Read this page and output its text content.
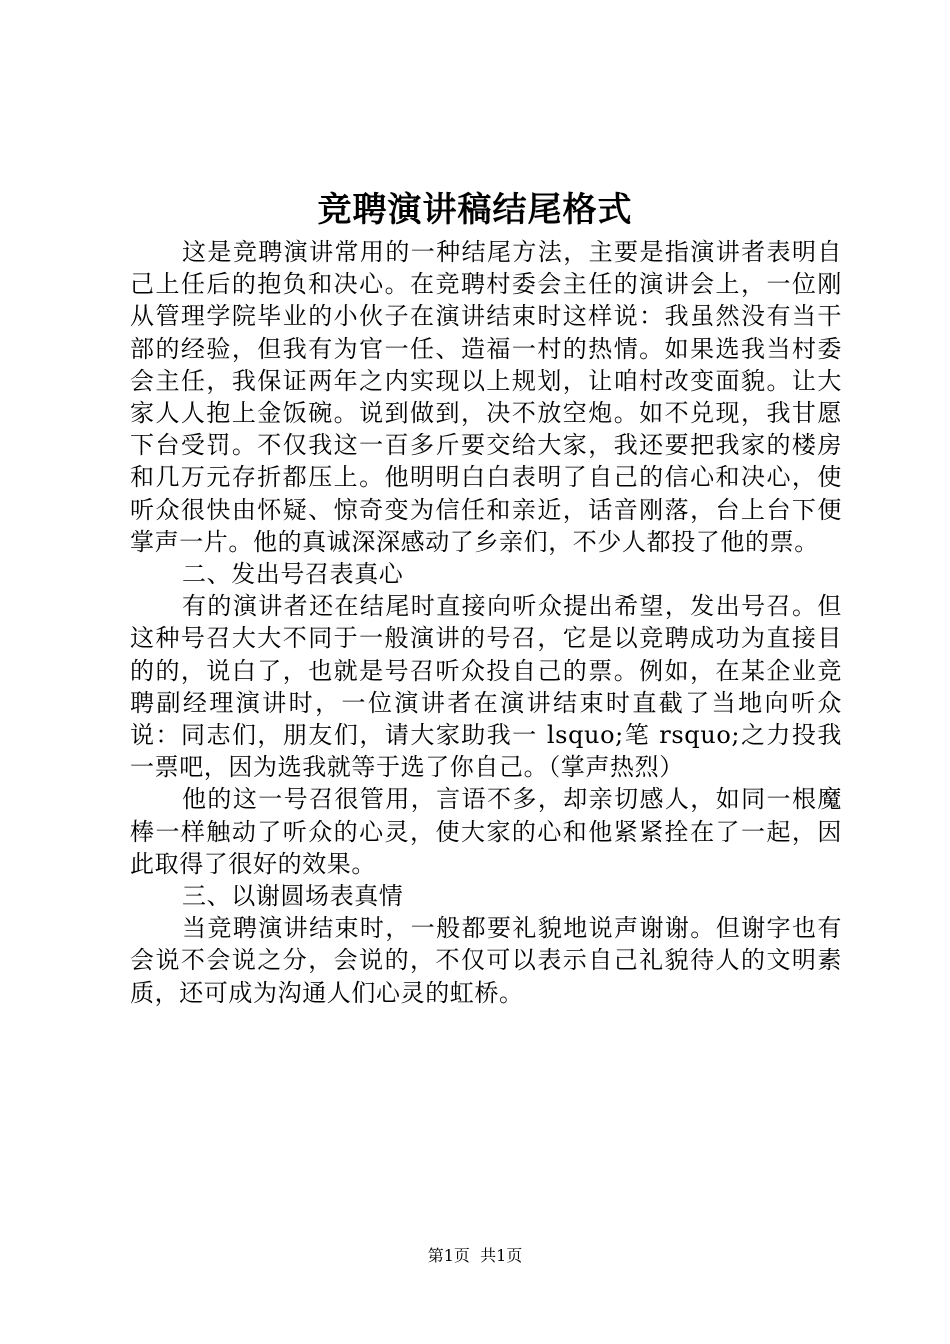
竞聘演讲稿结尾格式

这是竞聘演讲常用的一种结尾方法，主要是指演讲者表明自己上任后的抱负和决心。在竞聘村委会主任的演讲会上，一位刚从管理学院毕业的小伙子在演讲结束时这样说：我虽然没有当干部的经验，但我有为官一任、造福一村的热情。如果选我当村委会主任，我保证两年之内实现以上规划，让咱村改变面貌。让大家人人抱上金饭碗。说到做到，决不放空炮。如不兑现，我甘愿下台受罚。不仅我这一百多斤要交给大家，我还要把我家的楼房和几万元存折都压上。他明明白白表明了自己的信心和决心，使听众很快由怀疑、惊奇变为信任和亲近，话音刚落，台上台下便掌声一片。他的真诚深深感动了乡亲们，不少人都投了他的票。

二、发出号召表真心

有的演讲者还在结尾时直接向听众提出希望，发出号召。但这种号召大大不同于一般演讲的号召，它是以竞聘成功为直接目的的，说白了，也就是号召听众投自己的票。例如，在某企业竞聘副经理演讲时，一位演讲者在演讲结束时直截了当地向听众说：同志们，朋友们，请大家助我一 lsquo;笔 rsquo;之力投我一票吧，因为选我就等于选了你自己。（掌声热烈）

他的这一号召很管用，言语不多，却亲切感人，如同一根魔棒一样触动了听众的心灵，使大家的心和他紧紧拴在了一起，因此取得了很好的效果。

三、以谢圆场表真情

当竞聘演讲结束时，一般都要礼貌地说声谢谢。但谢字也有会说不会说之分，会说的，不仅可以表示自己礼貌待人的文明素质，还可成为沟通人们心灵的虹桥。

第1页 共1页
